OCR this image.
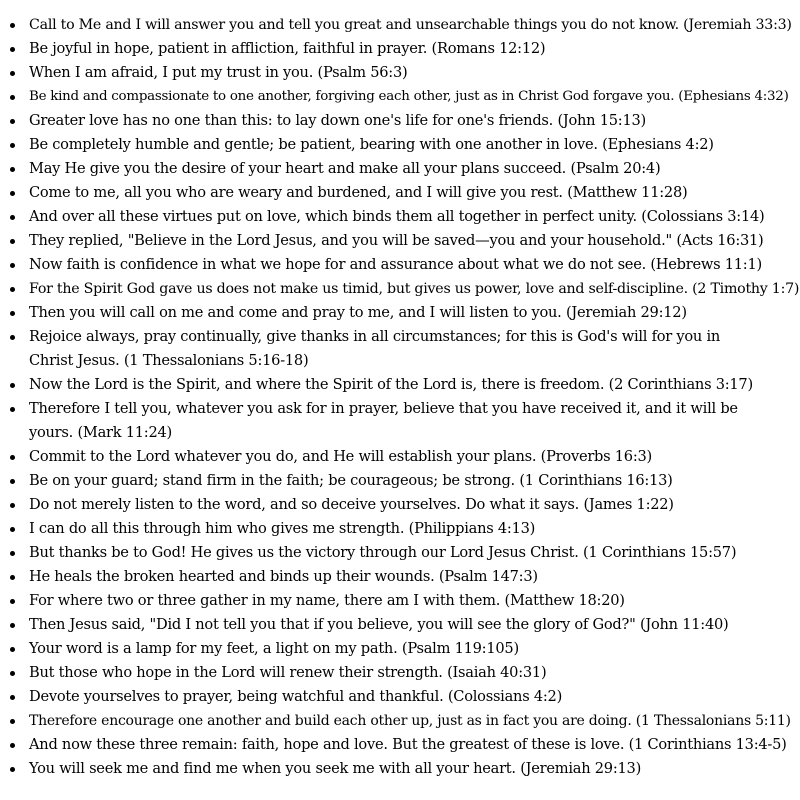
Call to Me and I will answer you and tell you great and unsearchable things you do not know. (Jeremiah 33:3)
Be joyful in hope, patient in affliction, faithful in prayer. (Romans 12:12)
When I am afraid, I put my trust in you. (Psalm 56:3)
Be kind and compassionate to one another, forgiving each other, just as in Christ God forgave you. (Ephesians 4:32)
Greater love has no one than this: to lay down one's life for one's friends. (John 15:13)
Be completely humble and gentle; be patient, bearing with one another in love. (Ephesians 4:2)
May He give you the desire of your heart and make all your plans succeed. (Psalm 20:4)
Come to me, all you who are weary and burdened, and I will give you rest. (Matthew 11:28)
And over all these virtues put on love, which binds them all together in perfect unity. (Colossians 3:14)
They replied, "Believe in the Lord Jesus, and you will be saved—you and your household." (Acts 16:31)
Now faith is confidence in what we hope for and assurance about what we do not see. (Hebrews 11:1)
For the Spirit God gave us does not make us timid, but gives us power, love and self-discipline. (2 Timothy 1:7)
Then you will call on me and come and pray to me, and I will listen to you. (Jeremiah 29:12)
Rejoice always, pray continually, give thanks in all circumstances; for this is God's will for you in Christ Jesus. (1 Thessalonians 5:16-18)
Now the Lord is the Spirit, and where the Spirit of the Lord is, there is freedom. (2 Corinthians 3:17)
Therefore I tell you, whatever you ask for in prayer, believe that you have received it, and it will be yours. (Mark 11:24)
Commit to the Lord whatever you do, and He will establish your plans. (Proverbs 16:3)
Be on your guard; stand firm in the faith; be courageous; be strong. (1 Corinthians 16:13)
Do not merely listen to the word, and so deceive yourselves. Do what it says. (James 1:22)
I can do all this through him who gives me strength. (Philippians 4:13)
But thanks be to God! He gives us the victory through our Lord Jesus Christ. (1 Corinthians 15:57)
He heals the broken hearted and binds up their wounds. (Psalm 147:3)
For where two or three gather in my name, there am I with them. (Matthew 18:20)
Then Jesus said, "Did I not tell you that if you believe, you will see the glory of God?" (John 11:40)
Your word is a lamp for my feet, a light on my path. (Psalm 119:105)
But those who hope in the Lord will renew their strength. (Isaiah 40:31)
Devote yourselves to prayer, being watchful and thankful. (Colossians 4:2)
Therefore encourage one another and build each other up, just as in fact you are doing. (1 Thessalonians 5:11)
And now these three remain: faith, hope and love. But the greatest of these is love. (1 Corinthians 13:4-5)
You will seek me and find me when you seek me with all your heart. (Jeremiah 29:13)
